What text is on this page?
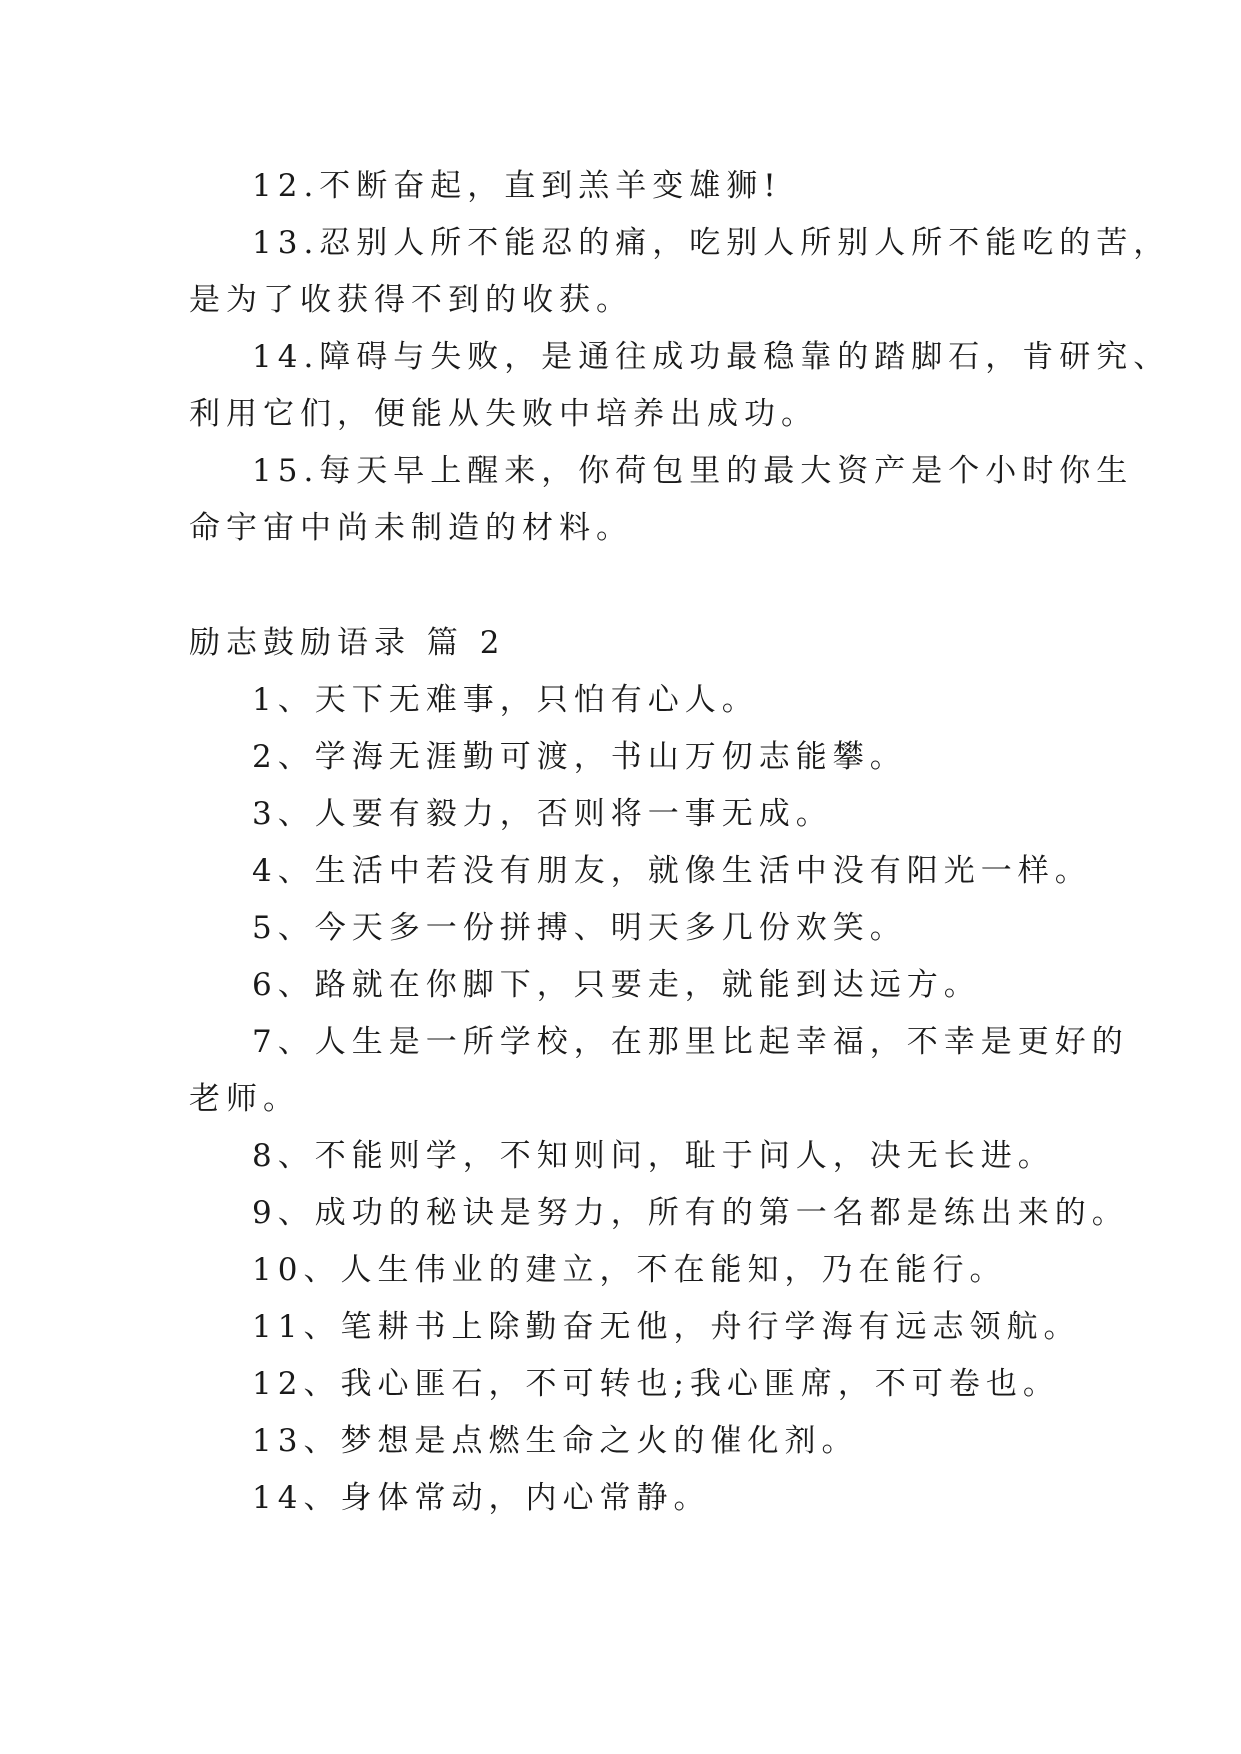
12.不断奋起，直到羔羊变雄狮!
13.忍别人所不能忍的痛，吃别人所别人所不能吃的苦，
是为了收获得不到的收获。
14.障碍与失败，是通往成功最稳靠的踏脚石，肯研究、
利用它们，便能从失败中培养出成功。
15.每天早上醒来，你荷包里的最大资产是个小时你生
命宇宙中尚未制造的材料。
励志鼓励语录 篇 2
1、天下无难事，只怕有心人。
2、学海无涯勤可渡，书山万仞志能攀。
3、人要有毅力，否则将一事无成。
4、生活中若没有朋友，就像生活中没有阳光一样。
5、今天多一份拼搏、明天多几份欢笑。
6、路就在你脚下，只要走，就能到达远方。
7、人生是一所学校，在那里比起幸福，不幸是更好的
老师。
8、不能则学，不知则问，耻于问人，决无长进。
9、成功的秘诀是努力，所有的第一名都是练出来的。
10、人生伟业的建立，不在能知，乃在能行。
11、笔耕书上除勤奋无他，舟行学海有远志领航。
12、我心匪石，不可转也;我心匪席，不可卷也。
13、梦想是点燃生命之火的催化剂。
14、身体常动，内心常静。
